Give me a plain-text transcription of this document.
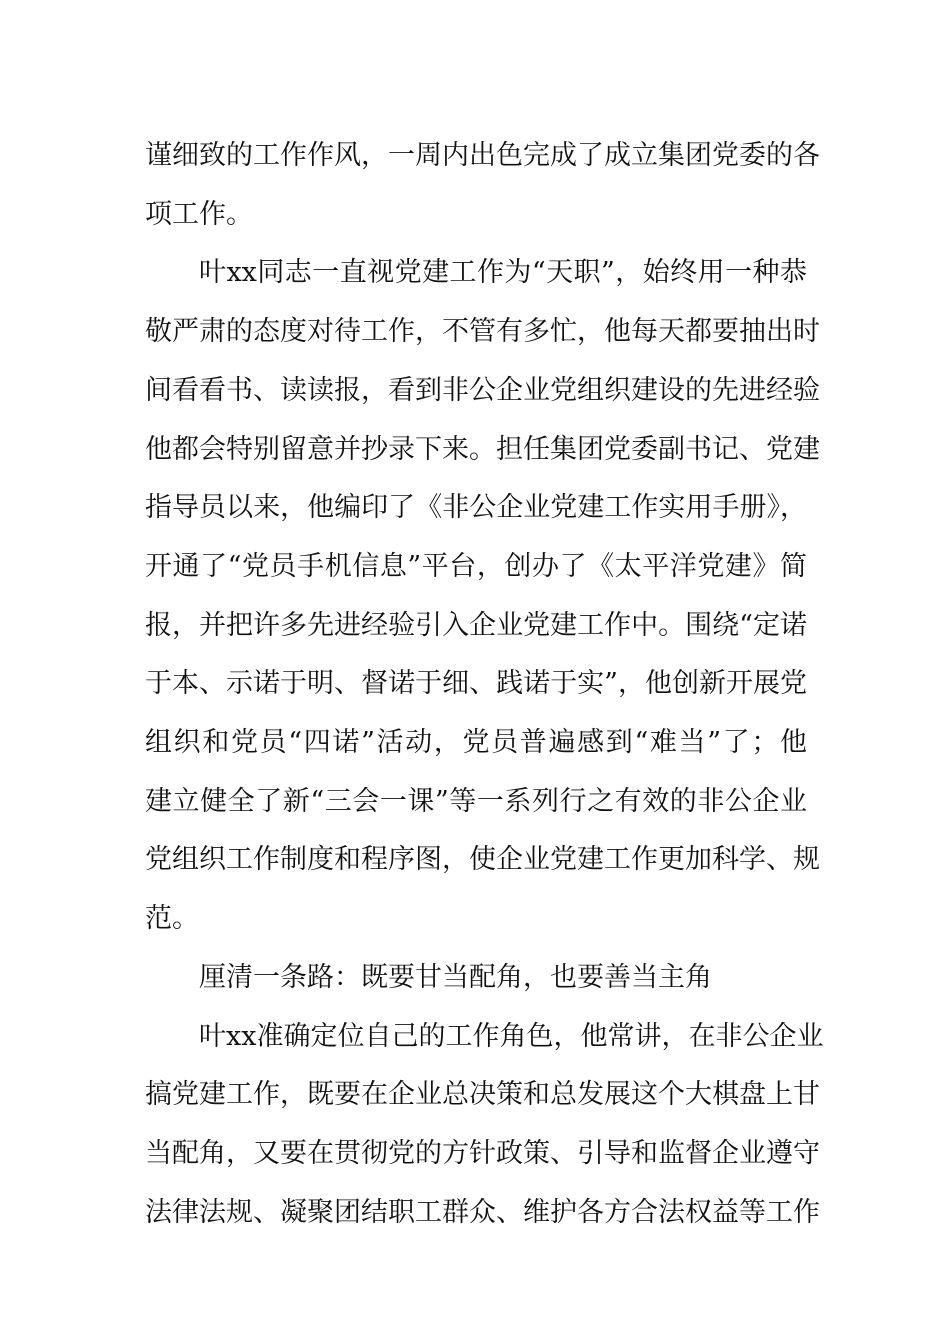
谨细致的工作作风，一周内出色完成了成立集团党委的各
项工作。
叶xx同志一直视党建工作为“天职”，始终用一种恭
敬严肃的态度对待工作，不管有多忙，他每天都要抽出时
间看看书、读读报，看到非公企业党组织建设的先进经验
他都会特别留意并抄录下来。担任集团党委副书记、党建
指导员以来，他编印了《非公企业党建工作实用手册》，
开通了“党员手机信息”平台，创办了《太平洋党建》简
报，并把许多先进经验引入企业党建工作中。围绕“定诺
于本、示诺于明、督诺于细、践诺于实”，他创新开展党
组织和党员“四诺”活动，党员普遍感到“难当”了；他
建立健全了新“三会一课”等一系列行之有效的非公企业
党组织工作制度和程序图，使企业党建工作更加科学、规
范。
厘清一条路：既要甘当配角，也要善当主角
叶xx准确定位自己的工作角色，他常讲，在非公企业
搞党建工作，既要在企业总决策和总发展这个大棋盘上甘
当配角，又要在贯彻党的方针政策、引导和监督企业遵守
法律法规、凝聚团结职工群众、维护各方合法权益等工作
